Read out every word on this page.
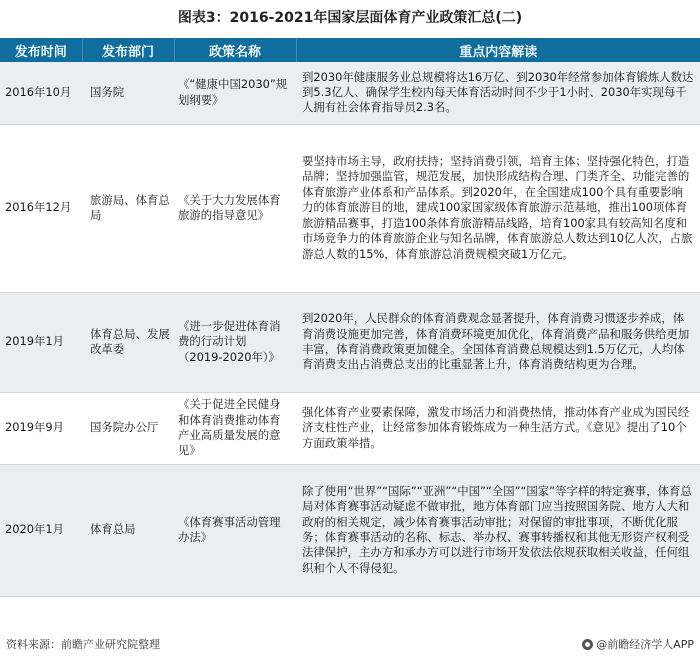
图表3：2016-2021年国家层面体育产业政策汇总(二)
发布时间	发布部门	政策名称	重点内容解读
2016年10月	国务院	《“健康中国2030”规划纲要》	到2030年健康服务业总规模将达16万亿、到2030年经常参加体育锻炼人数达到5.3亿人、确保学生校内每天体育活动时间不少于1小时、2030年实现每千人拥有社会体育指导员2.3名。
2016年12月	旅游局、体育总局	《关于大力发展体育旅游的指导意见》	要坚持市场主导，政府扶持；坚持消费引领，培育主体；坚持强化特色，打造品牌；坚持加强监管，规范发展，加快形成结构合理、门类齐全、功能完善的体育旅游产业体系和产品体系。到2020年，在全国建成100个具有重要影响力的体育旅游目的地，建成100家国家级体育旅游示范基地，推出100项体育旅游精品赛事，打造100条体育旅游精品线路，培育100家具有较高知名度和市场竞争力的体育旅游企业与知名品牌，体育旅游总人数达到10亿人次，占旅游总人数的15%，体育旅游总消费规模突破1万亿元。
2019年1月	体育总局、发展改革委	《进一步促进体育消费的行动计划（2019-2020年）》	到2020年，人民群众的体育消费观念显著提升，体育消费习惯逐步养成，体育消费设施更加完善，体育消费环境更加优化，体育消费产品和服务供给更加丰富，体育消费政策更加健全。全国体育消费总规模达到1.5万亿元，人均体育消费支出占消费总支出的比重显著上升，体育消费结构更为合理。
2019年9月	国务院办公厅	《关于促进全民健身和体育消费推动体育产业高质量发展的意见》	强化体育产业要素保障，激发市场活力和消费热情，推动体育产业成为国民经济支柱性产业，让经常参加体育锻炼成为一种生活方式。《意见》提出了10个方面政策举措。
2020年1月	体育总局	《体育赛事活动管理办法》	除了使用“世界”“国际”“亚洲”“中国”“全国”“国家”等字样的特定赛事，体育总局对体育赛事活动疑虑不做审批，地方体育部门应当按照国务院、地方人大和政府的相关规定，减少体育赛事活动审批；对保留的审批事项，不断优化服务；体育赛事活动的名称、标志、举办权、赛事转播权和其他无形资产权利受法律保护，主办方和承办方可以进行市场开发依法依规获取相关收益，任何组织和个人不得侵犯。
资料来源：前瞻产业研究院整理	@前瞻经济学人APP
